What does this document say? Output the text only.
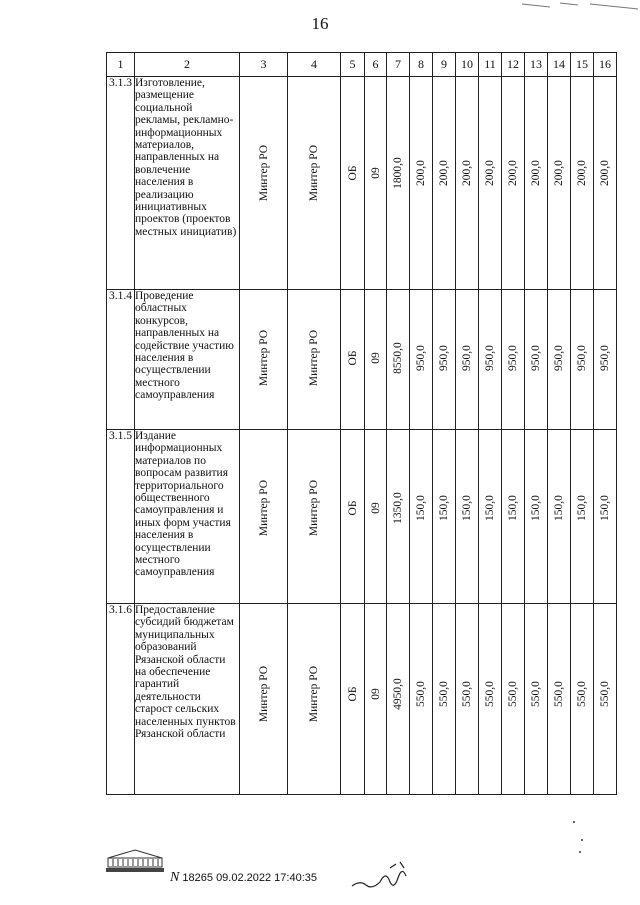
16
1	2	3	4	5	6	7	8	9	10	11	12	13	14	15	16
3.1.3	Изготовление, размещение социальной рекламы, рекламно-информационных материалов, направленных на вовлечение населения в реализацию инициативных проектов (проектов местных инициатив)	Минтер РО	Минтер РО	ОБ	09	1800,0	200,0	200,0	200,0	200,0	200,0	200,0	200,0	200,0	200,0

3.1.4	Проведение областных конкурсов, направленных на содействие участию населения в осуществлении местного самоуправления	Минтер РО	Минтер РО	ОБ	09	8550,0	950,0	950,0	950,0	950,0	950,0	950,0	950,0	950,0	950,0

3.1.5	Издание информационных материалов по вопросам развития территориального общественного самоуправления и иных форм участия населения в осуществлении местного самоуправления	Минтер РО	Минтер РО	ОБ	09	1350,0	150,0	150,0	150,0	150,0	150,0	150,0	150,0	150,0	150,0

3.1.6	Предоставление субсидий бюджетам муниципальных образований Рязанской области на обеспечение гарантий деятельности старост сельских населенных пунктов Рязанской области	Минтер РО	Минтер РО	ОБ	09	4950,0	550,0	550,0	550,0	550,0	550,0	550,0	550,0	550,0	550,0
N 18265 09.02.2022 17:40:35
